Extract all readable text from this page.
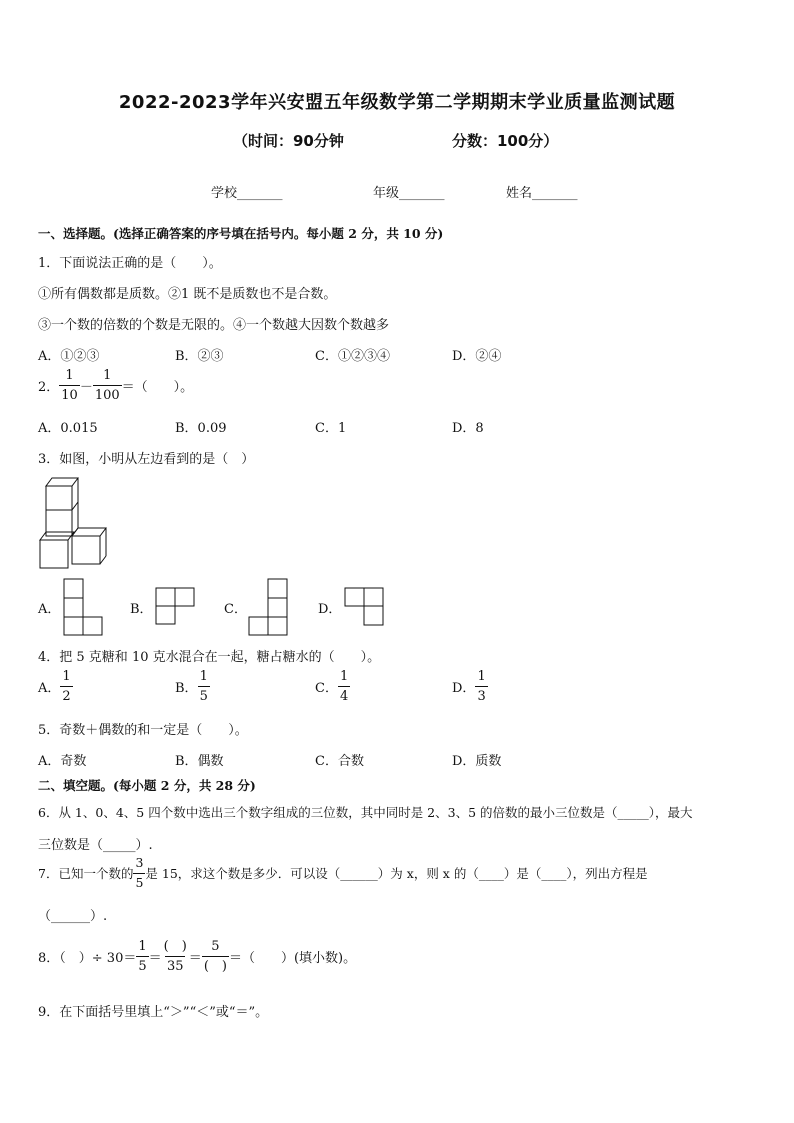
2022-2023学年兴安盟五年级数学第二学期期末学业质量监测试题
（时间：90分钟	分数：100分）
学校_______	年级_______	姓名_______
一、选择题。(选择正确答案的序号填在括号内。每小题 2 分，共 10 分)
1．下面说法正确的是（　　）。
①所有偶数都是质数。②1 既不是质数也不是合数。
③一个数的倍数的个数是无限的。④一个数越大因数个数越多
A．①②③	B．②③	C．①②③④	D．②④
2． $\frac{1}{10} - \frac{1}{100}$ ＝（　　）。
A．0.015	B．0.09	C．1	D．8
3．如图，小明从左边看到的是（　）
A．	B．	C．	D．
4．把 5 克糖和 10 克水混合在一起，糖占糖水的（　　）。
A． $\frac{1}{2}$	B． $\frac{1}{5}$	C． $\frac{1}{4}$	D． $\frac{1}{3}$
5．奇数＋偶数的和一定是（　　）。
A．奇数	B．偶数	C．合数	D．质数
二、填空题。(每小题 2 分，共 28 分)
6．从 1、0、4、5 四个数中选出三个数字组成的三位数，其中同时是 2、3、5 的倍数的最小三位数是（_____），最大
三位数是（_____）.
7．已知一个数的 $\frac{3}{5}$ 是 15，求这个数是多少．可以设（______）为 x，则 x 的（____）是（____），列出方程是
（______）.
8．（　）÷ $30= \frac{1}{5} = \frac{( )}{35} = \frac{5}{( )}$ ＝（　　）(填小数)。
9．在下面括号里填上“＞”“＜”或“＝”。
